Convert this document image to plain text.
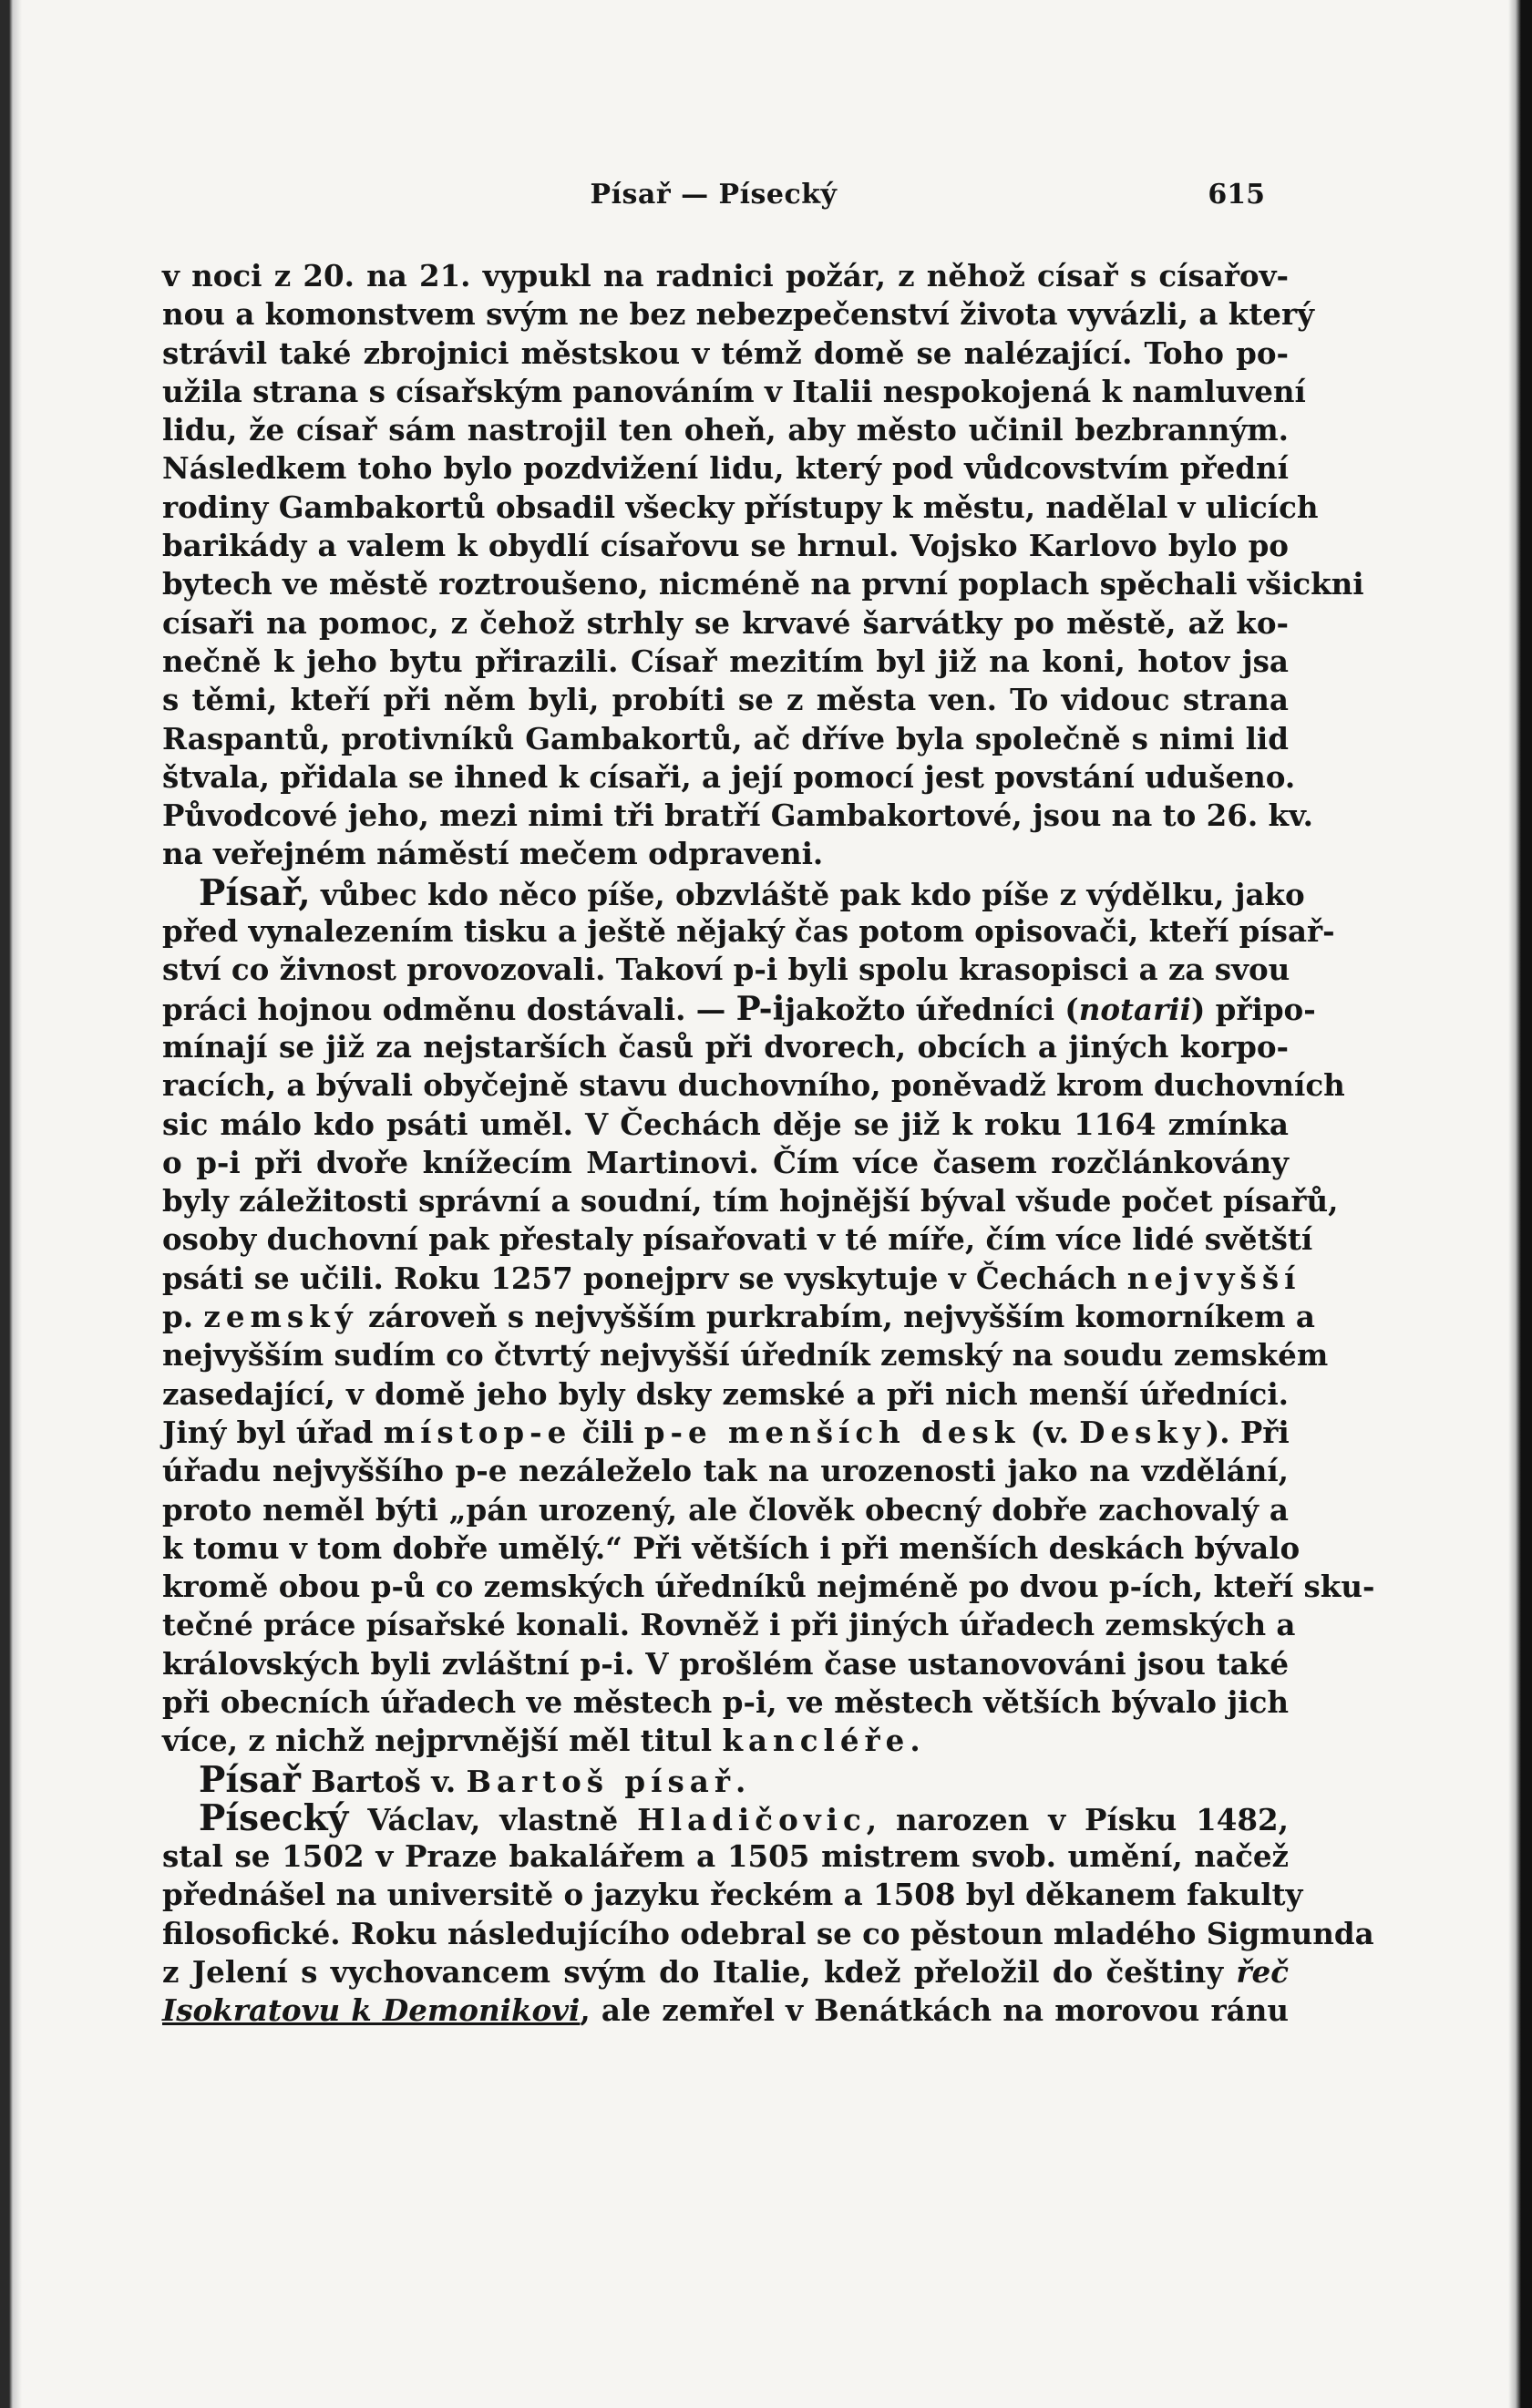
Písař — Písecký	615
v noci z 20. na 21. vypukl na radnici požár, z něhož císař s císařov-
nou a komonstvem svým ne bez nebezpečenství života vyvázli, a který
strávil také zbrojnici městskou v témž domě se nalézající. Toho po-
užila strana s císařským panováním v Italii nespokojená k namluvení
lidu, že císař sám nastrojil ten oheň, aby město učinil bezbranným.
Následkem toho bylo pozdvižení lidu, který pod vůdcovstvím přední
rodiny Gambakortů obsadil všecky přístupy k městu, nadělal v ulicích
barikády a valem k obydlí císařovu se hrnul. Vojsko Karlovo bylo po
bytech ve městě roztroušeno, nicméně na první poplach spěchali všickni
císaři na pomoc, z čehož strhly se krvavé šarvátky po městě, až ko-
nečně k jeho bytu přirazili. Císař mezitím byl již na koni, hotov jsa
s těmi, kteří při něm byli, probíti se z města ven. To vidouc strana
Raspantů, protivníků Gambakortů, ač dříve byla společně s nimi lid
štvala, přidala se ihned k císaři, a její pomocí jest povstání udušeno.
Původcové jeho, mezi nimi tři bratří Gambakortové, jsou na to 26. kv.
na veřejném náměstí mečem odpraveni.
Písař, vůbec kdo něco píše, obzvláště pak kdo píše z výdělku, jako
před vynalezením tisku a ještě nějaký čas potom opisovači, kteří písař-
ství co živnost provozovali. Takoví p-i byli spolu krasopisci a za svou
práci hojnou odměnu dostávali. — P-ijakožto úředníci (notarii) připo-
mínají se již za nejstarších časů při dvorech, obcích a jiných korpo-
racích, a bývali obyčejně stavu duchovního, poněvadž krom duchovních
sic málo kdo psáti uměl. V Čechách děje se již k roku 1164 zmínka
o p-i při dvoře knížecím Martinovi. Čím více časem rozčlánkovány
byly záležitosti správní a soudní, tím hojnější býval všude počet písařů,
osoby duchovní pak přestaly písařovati v té míře, čím více lidé světští
psáti se učili. Roku 1257 ponejprv se vyskytuje v Čechách nejvyšší
p. zemský zároveň s nejvyšším purkrabím, nejvyšším komorníkem a
nejvyšším sudím co čtvrtý nejvyšší úředník zemský na soudu zemském
zasedající, v domě jeho byly dsky zemské a při nich menší úředníci.
Jiný byl úřad místop-e čili p-e menších desk (v. Desky). Při
úřadu nejvyššího p-e nezáleželo tak na urozenosti jako na vzdělání,
proto neměl býti „pán urozený, ale člověk obecný dobře zachovalý a
k tomu v tom dobře umělý.“ Při větších i při menších deskách bývalo
kromě obou p-ů co zemských úředníků nejméně po dvou p-ích, kteří sku-
tečné práce písařské konali. Rovněž i při jiných úřadech zemských a
královských byli zvláštní p-i. V prošlém čase ustanovováni jsou také
při obecních úřadech ve městech p-i, ve městech větších bývalo jich
více, z nichž nejprvnější měl titul kancléře.
Písař Bartoš v. Bartoš písař.
Písecký Václav, vlastně Hladičovic, narozen v Písku 1482,
stal se 1502 v Praze bakalářem a 1505 mistrem svob. umění, načež
přednášel na universitě o jazyku řeckém a 1508 byl děkanem fakulty
filosofické. Roku následujícího odebral se co pěstoun mladého Sigmunda
z Jelení s vychovancem svým do Italie, kdež přeložil do češtiny řeč
Isokratovu k Demonikovi, ale zemřel v Benátkách na morovou ránu
